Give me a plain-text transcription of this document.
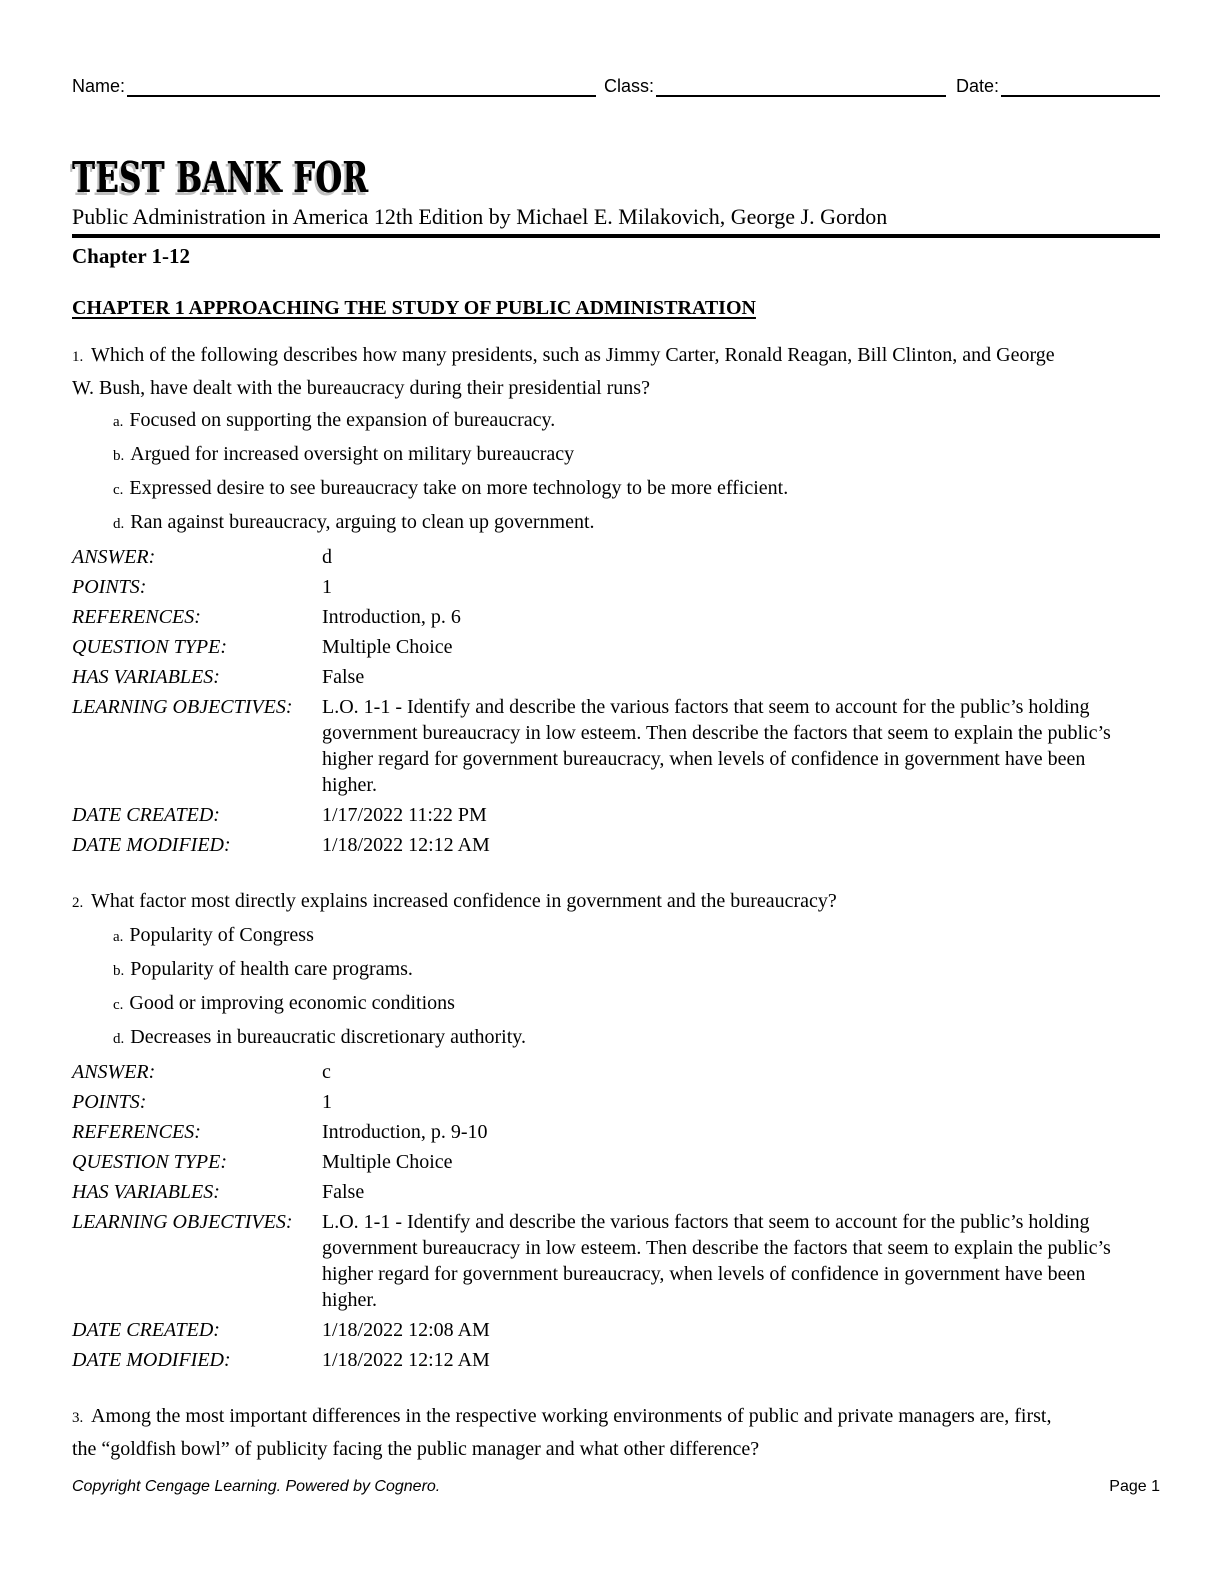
Name:	Class:	Date:
TEST BANK FOR
Public Administration in America 12th Edition by Michael E. Milakovich, George J. Gordon
Chapter 1-12
CHAPTER 1 APPROACHING THE STUDY OF PUBLIC ADMINISTRATION

1. Which of the following describes how many presidents, such as Jimmy Carter, Ronald Reagan, Bill Clinton, and George W. Bush, have dealt with the bureaucracy during their presidential runs?

a. Focused on supporting the expansion of bureaucracy.
b. Argued for increased oversight on military bureaucracy
c. Expressed desire to see bureaucracy take on more technology to be more efficient.
d. Ran against bureaucracy, arguing to clean up government.
ANSWER:	d
POINTS:	1
REFERENCES:	Introduction, p. 6
QUESTION TYPE:	Multiple Choice
HAS VARIABLES:	False
LEARNING OBJECTIVES:	L.O. 1-1 - Identify and describe the various factors that seem to account for the public’s holding government bureaucracy in low esteem. Then describe the factors that seem to explain the public’s higher regard for government bureaucracy, when levels of confidence in government have been higher.
DATE CREATED:	1/17/2022 11:22 PM
DATE MODIFIED:	1/18/2022 12:12 AM

2. What factor most directly explains increased confidence in government and the bureaucracy?

a. Popularity of Congress
b. Popularity of health care programs.
c. Good or improving economic conditions
d. Decreases in bureaucratic discretionary authority.
ANSWER:	c
POINTS:	1
REFERENCES:	Introduction, p. 9-10
QUESTION TYPE:	Multiple Choice
HAS VARIABLES:	False
LEARNING OBJECTIVES:	L.O. 1-1 - Identify and describe the various factors that seem to account for the public’s holding government bureaucracy in low esteem. Then describe the factors that seem to explain the public’s higher regard for government bureaucracy, when levels of confidence in government have been higher.
DATE CREATED:	1/18/2022 12:08 AM
DATE MODIFIED:	1/18/2022 12:12 AM

3. Among the most important differences in the respective working environments of public and private managers are, first, the “goldfish bowl” of publicity facing the public manager and what other difference?

Copyright Cengage Learning. Powered by Cognero.	Page 1
